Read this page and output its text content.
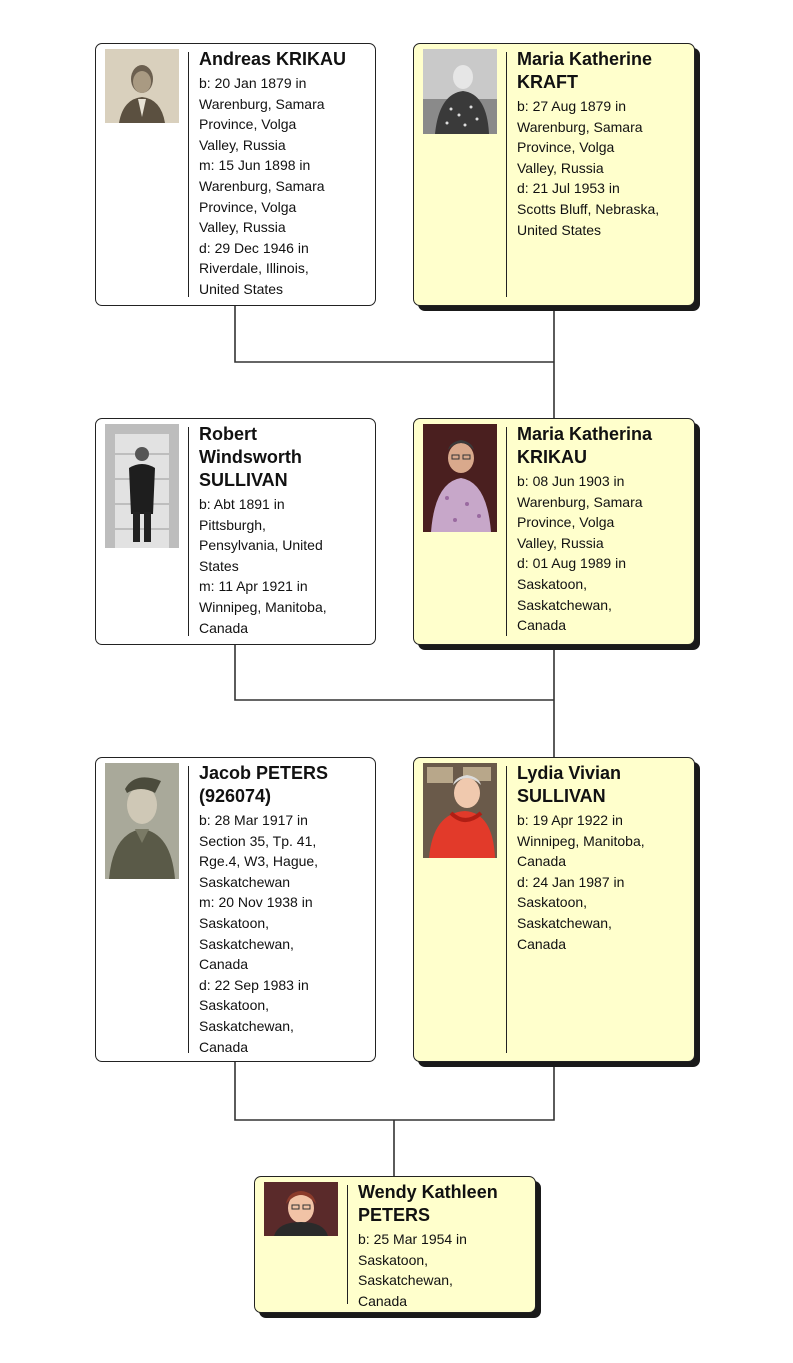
Andreas KRIKAU
b: 20 Jan 1879 in
Warenburg, Samara
Province, Volga
Valley, Russia
m: 15 Jun 1898 in
Warenburg, Samara
Province, Volga
Valley, Russia
d: 29 Dec 1946 in
Riverdale, Illinois,
United States
Maria Katherine
KRAFT
b: 27 Aug 1879 in
Warenburg, Samara
Province, Volga
Valley, Russia
d: 21 Jul 1953 in
Scotts Bluff, Nebraska,
United States
Robert
Windsworth
SULLIVAN
b: Abt 1891 in
Pittsburgh,
Pensylvania, United
States
m: 11 Apr 1921 in
Winnipeg, Manitoba,
Canada
Maria Katherina
KRIKAU
b: 08 Jun 1903 in
Warenburg, Samara
Province, Volga
Valley, Russia
d: 01 Aug 1989 in
Saskatoon,
Saskatchewan,
Canada
Jacob PETERS
(926074)
b: 28 Mar 1917 in
Section 35, Tp. 41,
Rge.4, W3, Hague,
Saskatchewan
m: 20 Nov 1938 in
Saskatoon,
Saskatchewan,
Canada
d: 22 Sep 1983 in
Saskatoon,
Saskatchewan,
Canada
Lydia Vivian
SULLIVAN
b: 19 Apr 1922 in
Winnipeg, Manitoba,
Canada
d: 24 Jan 1987 in
Saskatoon,
Saskatchewan,
Canada
Wendy Kathleen
PETERS
b: 25 Mar 1954 in
Saskatoon,
Saskatchewan,
Canada
